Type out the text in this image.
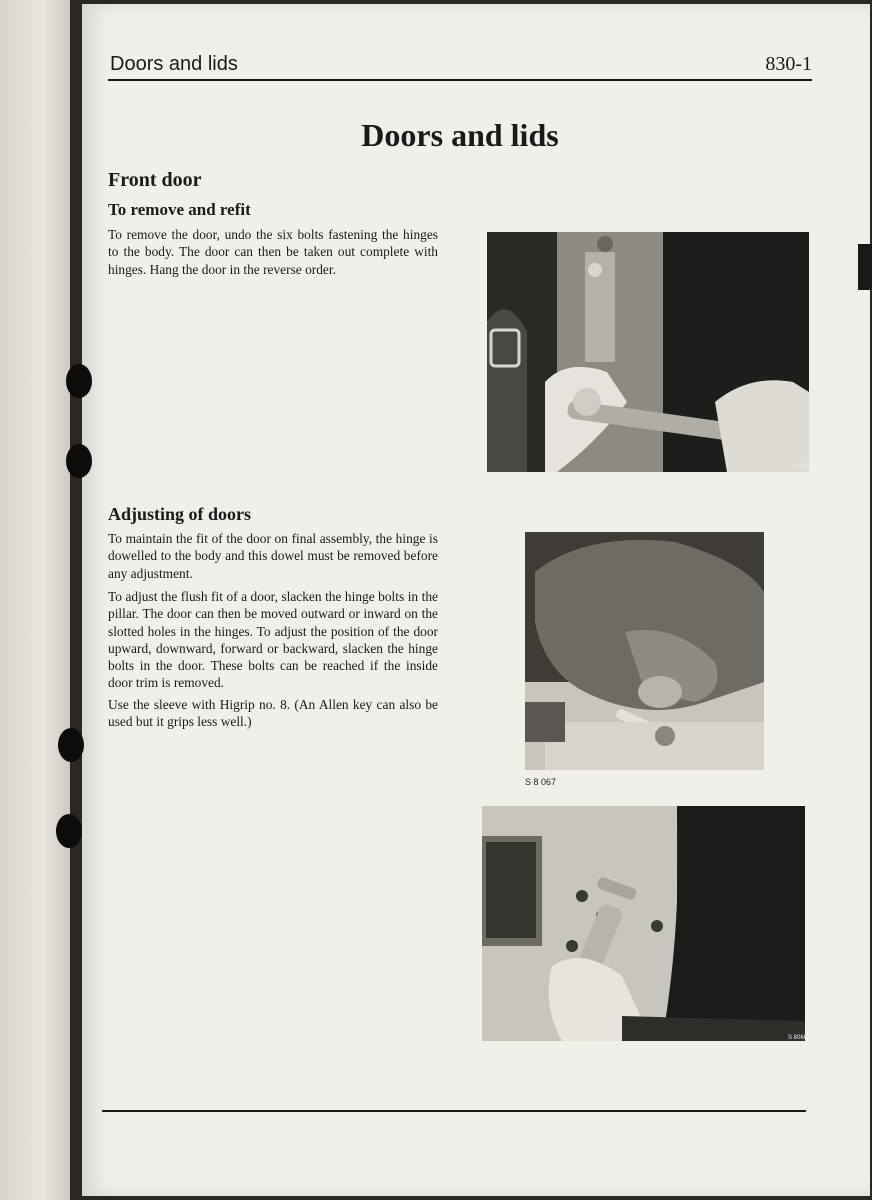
Doors and lids	830-1
Doors and lids
Front door
To remove and refit

To remove the door, undo the six bolts fastening the hinges to the body. The door can then be taken out complete with hinges. Hang the door in the reverse order.

Adjusting of doors

To maintain the fit of the door on final assembly, the hinge is dowelled to the body and this dowel must be removed before any adjustment.

To adjust the flush fit of a door, slacken the hinge bolts in the pillar. The door can then be moved outward or inward on the slotted holes in the hinges. To adjust the position of the door upward, downward, forward or backward, slacken the hinge bolts in the door. These bolts can be reached if the inside door trim is removed.

Use the sleeve with Higrip no. 8. (An Allen key can also be used but it grips less well.)

S 2095
S 8 067
S 8068
